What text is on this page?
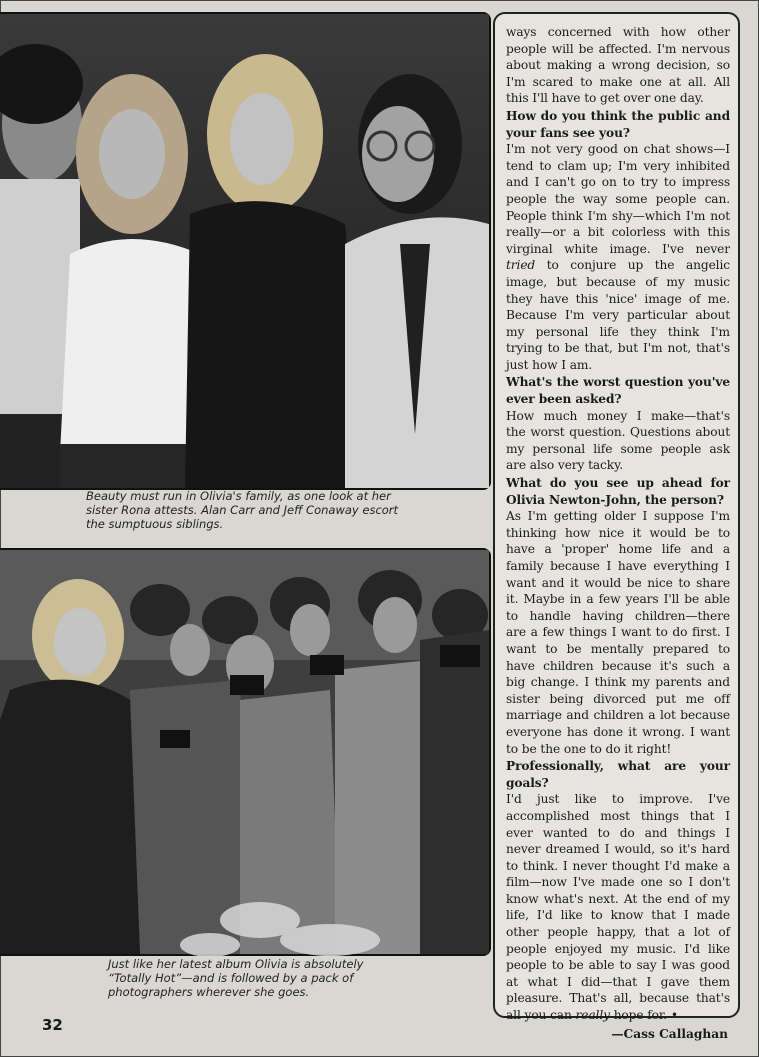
Beauty must run in Olivia's family, as one look at her sister Rona attests. Alan Carr and Jeff Conaway escort the sumptuous siblings.
Just like her latest album Olivia is absolutely
“Totally Hot”—and is followed by a pack of photographers wherever she goes.

ways concerned with how other people will be affected. I'm nervous about making a wrong decision, so I'm scared to make one at all. All this I'll have to get over one day.

How do you think the public and your fans see you?

I'm not very good on chat shows—I tend to clam up; I'm very inhibited and I can't go on to try to impress people the way some people can. People think I'm shy—which I'm not really—or a bit colorless with this virginal white image. I've never tried to conjure up the angelic image, but because of my music they have this 'nice' image of me. Because I'm very particular about my personal life they think I'm trying to be that, but I'm not, that's just how I am.

What's the worst question you've ever been asked?

How much money I make—that's the worst question. Questions about my personal life some people ask are also very tacky.

What do you see up ahead for Olivia Newton-John, the person?

As I'm getting older I suppose I'm thinking how nice it would be to have a 'proper' home life and a family because I have everything I want and it would be nice to share it. Maybe in a few years I'll be able to handle having children—there are a few things I want to do first. I want to be mentally prepared to have children because it's such a big change. I think my parents and sister being divorced put me off marriage and children a lot because everyone has done it wrong. I want to be the one to do it right!

Professionally, what are your goals?

I'd just like to improve. I've accomplished most things that I ever wanted to do and things I never dreamed I would, so it's hard to think. I never thought I'd make a film—now I've made one so I don't know what's next. At the end of my life, I'd like to know that I made other people happy, that a lot of people enjoyed my music. I'd like people to be able to say I was good at what I did—that I gave them pleasure. That's all, because that's all you can really hope for. •

—Cass Callaghan
32
